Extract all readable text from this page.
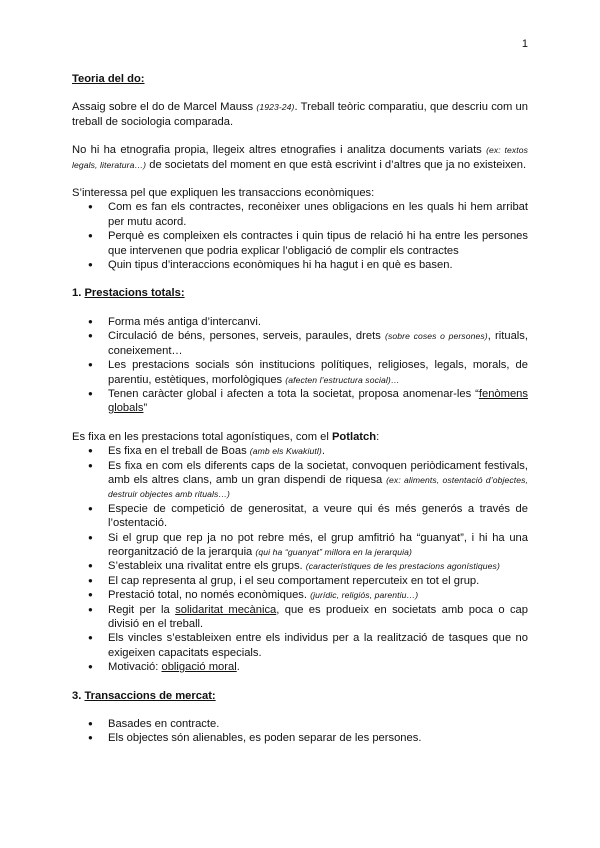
1

Teoria del do:

Assaig sobre el do de Marcel Mauss (1923-24). Treball teòric comparatiu, que descriu com un treball de sociologia comparada.

No hi ha etnografia propia, llegeix altres etnografies i analitza documents variats (ex: textos legals, literatura…) de societats del moment en que està escrivint i d’altres que ja no existeixen.

S’interessa pel que expliquen les transaccions econòmiques:

● Com es fan els contractes, reconèixer unes obligacions en les quals hi hem arribat per mutu acord.
● Perquè es compleixen els contractes i quin tipus de relació hi ha entre les persones que intervenen que podria explicar l’obligació de complir els contractes
● Quin tipus d’interaccions econòmiques hi ha hagut i en què es basen.

1. Prestacions totals:

● Forma més antiga d’intercanvi.
● Circulació de béns, persones, serveis, paraules, drets (sobre coses o persones), rituals, coneixement…
● Les prestacions socials són institucions polítiques, religioses, legals, morals, de parentiu, estètiques, morfològiques (afecten l’estructura social)…
● Tenen caràcter global i afecten a tota la societat, proposa anomenar-les “fenòmens globals”

Es fixa en les prestacions total agonístiques, com el Potlatch:

● Es fixa en el treball de Boas (amb els Kwakiutl).
● Es fixa en com els diferents caps de la societat, convoquen periòdicament festivals, amb els altres clans, amb un gran dispendi de riquesa (ex: aliments, ostentació d’objectes, destruir objectes amb rituals…)
● Especie de competició de generositat, a veure qui és més generós a través de l’ostentació.
● Si el grup que rep ja no pot rebre més, el grup amfitrió ha “guanyat”, i hi ha una reorganització de la jerarquia (qui ha “guanyat” millora en la jerarquia)
● S’estableix una rivalitat entre els grups. (característiques de les prestacions agonístiques)
● El cap representa al grup, i el seu comportament repercuteix en tot el grup.
● Prestació total, no només econòmiques. (jurídic, religiós, parentiu…)
● Regit per la solidaritat mecànica, que es produeix en societats amb poca o cap divisió en el treball.
● Els vincles s’estableixen entre els individus per a la realització de tasques que no exigeixen capacitats especials.
● Motivació: obligació moral.

3. Transaccions de mercat:

● Basades en contracte.
● Els objectes són alienables, es poden separar de les persones.
